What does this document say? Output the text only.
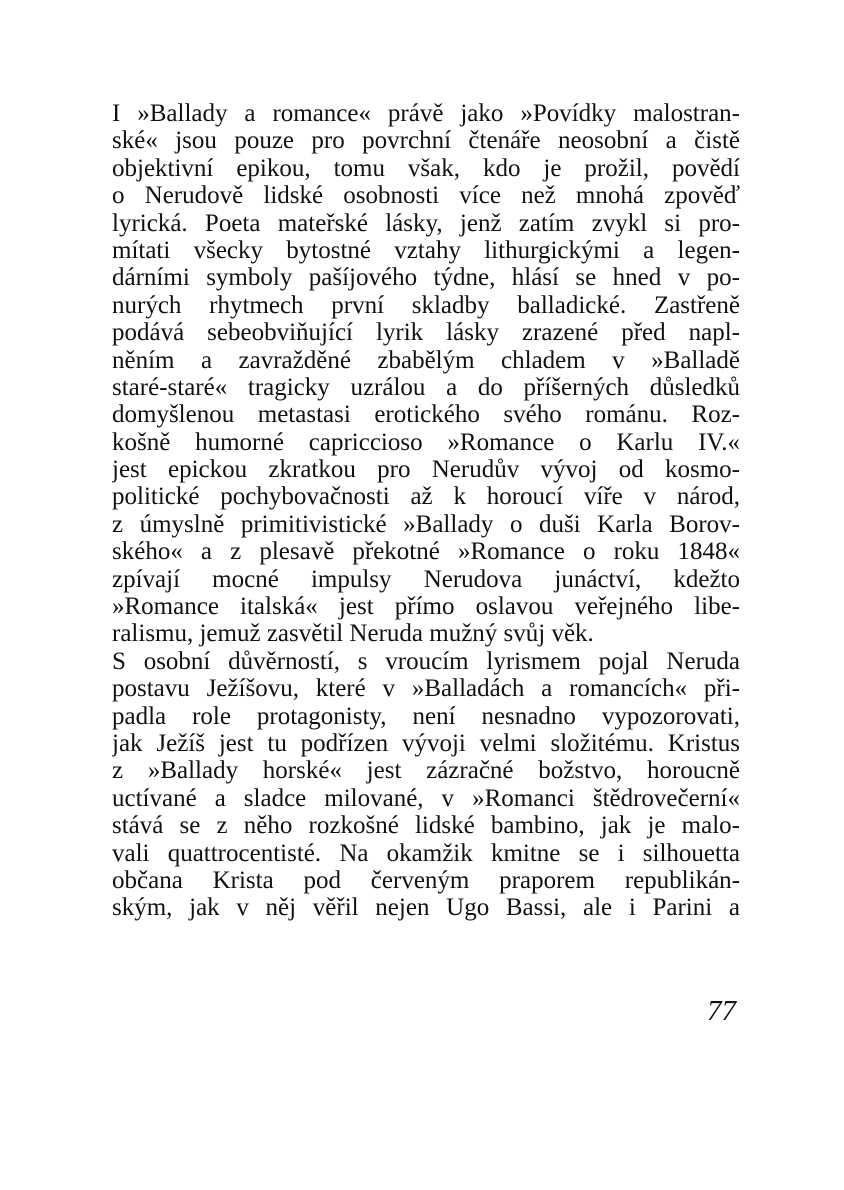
I »Ballady a romance« právě jako »Povídky malostran-
ské« jsou pouze pro povrchní čtenáře neosobní a čistě
objektivní epikou, tomu však, kdo je prožil, povědí
o Nerudově lidské osobnosti více než mnohá zpověď
lyrická. Poeta mateřské lásky, jenž zatím zvykl si pro-
mítati všecky bytostné vztahy lithurgickými a legen-
dárními symboly pašíjového týdne, hlásí se hned v po-
nurých rhytmech první skladby balladické. Zastřeně
podává sebeobviňující lyrik lásky zrazené před napl-
něním a zavražděné zbabělým chladem v »Balladě
staré-staré« tragicky uzrálou a do příšerných důsledků
domyšlenou metastasi erotického svého románu. Roz-
košně humorné capricciosо »Romance o Karlu IV.«
jest epickou zkratkou pro Nerudův vývoj od kosmo-
politické pochybovačnosti až k horoucí víře v národ,
z úmyslně primitivistické »Ballady o duši Karla Borov-
ského« a z plesavě překotné »Romance o roku 1848«
zpívají mocné impulsy Nerudova junáctví, kdežto
»Romance italská« jest přímo oslavou veřejného libe-
ralismu, jemuž zasvětil Neruda mužný svůj věk.
S osobní důvěrností, s vroucím lyrismem pojal Neruda
postavu Ježíšovu, které v »Balladách a romancích« při-
padla role protagonisty, není nesnadno vypozorovati,
jak Ježíš jest tu podřízen vývoji velmi složitému. Kristus
z »Ballady horské« jest zázračné božstvo, horoucně
uctívané a sladce milované, v »Romanci štědrovečerní«
stává se z něho rozkošné lidské bambino, jak je malo-
vali quattrocentisté. Na okamžik kmitne se i silhouetta
občana Krista pod červeným praporem republikán-
ským, jak v něj věřil nejen Ugo Bassi, ale i Parini a
77
